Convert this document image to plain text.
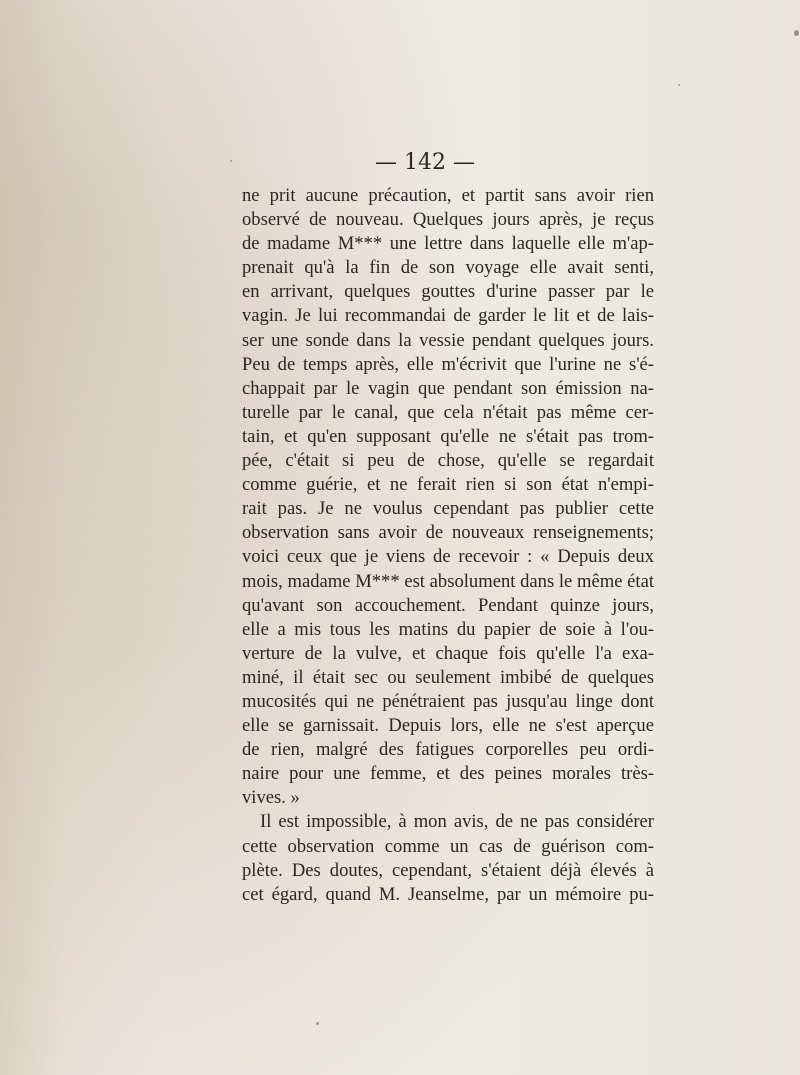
— 142 —
ne prit aucune précaution, et partit sans avoir rien
observé de nouveau. Quelques jours après, je reçus
de madame M*** une lettre dans laquelle elle m'ap-
prenait qu'à la fin de son voyage elle avait senti,
en arrivant, quelques gouttes d'urine passer par le
vagin. Je lui recommandai de garder le lit et de lais-
ser une sonde dans la vessie pendant quelques jours.
Peu de temps après, elle m'écrivit que l'urine ne s'é-
chappait par le vagin que pendant son émission na-
turelle par le canal, que cela n'était pas même cer-
tain, et qu'en supposant qu'elle ne s'était pas trom-
pée, c'était si peu de chose, qu'elle se regardait
comme guérie, et ne ferait rien si son état n'empi-
rait pas. Je ne voulus cependant pas publier cette
observation sans avoir de nouveaux renseignements;
voici ceux que je viens de recevoir : « Depuis deux
mois, madame M*** est absolument dans le même état
qu'avant son accouchement. Pendant quinze jours,
elle a mis tous les matins du papier de soie à l'ou-
verture de la vulve, et chaque fois qu'elle l'a exa-
miné, il était sec ou seulement imbibé de quelques
mucosités qui ne pénétraient pas jusqu'au linge dont
elle se garnissait. Depuis lors, elle ne s'est aperçue
de rien, malgré des fatigues corporelles peu ordi-
naire pour une femme, et des peines morales très-
vives. »
Il est impossible, à mon avis, de ne pas considérer
cette observation comme un cas de guérison com-
plète. Des doutes, cependant, s'étaient déjà élevés à
cet égard, quand M. Jeanselme, par un mémoire pu-
